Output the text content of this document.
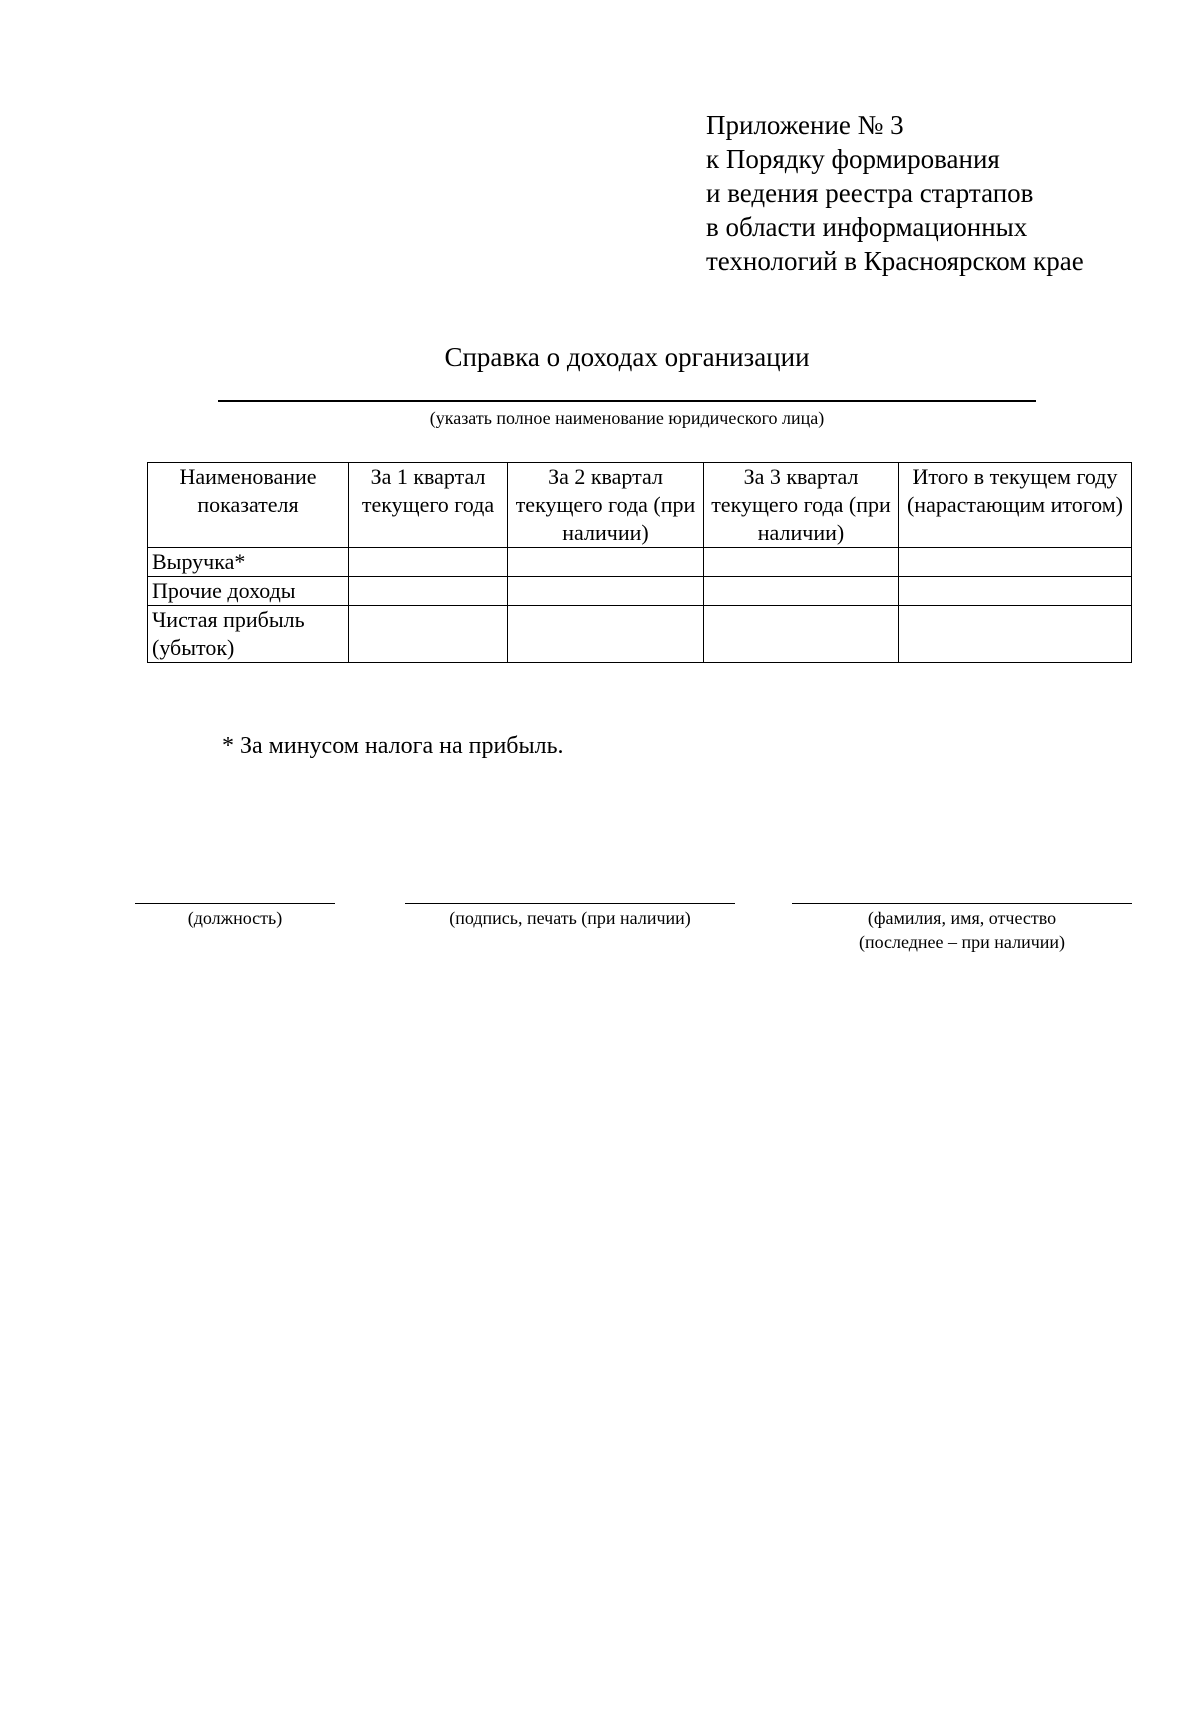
Приложение № 3
к Порядку формирования
и ведения реестра стартапов
в области информационных
технологий в Красноярском крае
Справка о доходах организации
(указать полное наименование юридического лица)
Наименование показателя	За 1 квартал текущего года	За 2 квартал текущего года (при наличии)	За 3 квартал текущего года (при наличии)	Итого в текущем году (нарастающим итогом)
Выручка*				
Прочие доходы				
Чистая прибыль (убыток)				
* За минусом налога на прибыль.
(должность)	(подпись, печать (при наличии)	(фамилия, имя, отчество
(последнее – при наличии)
